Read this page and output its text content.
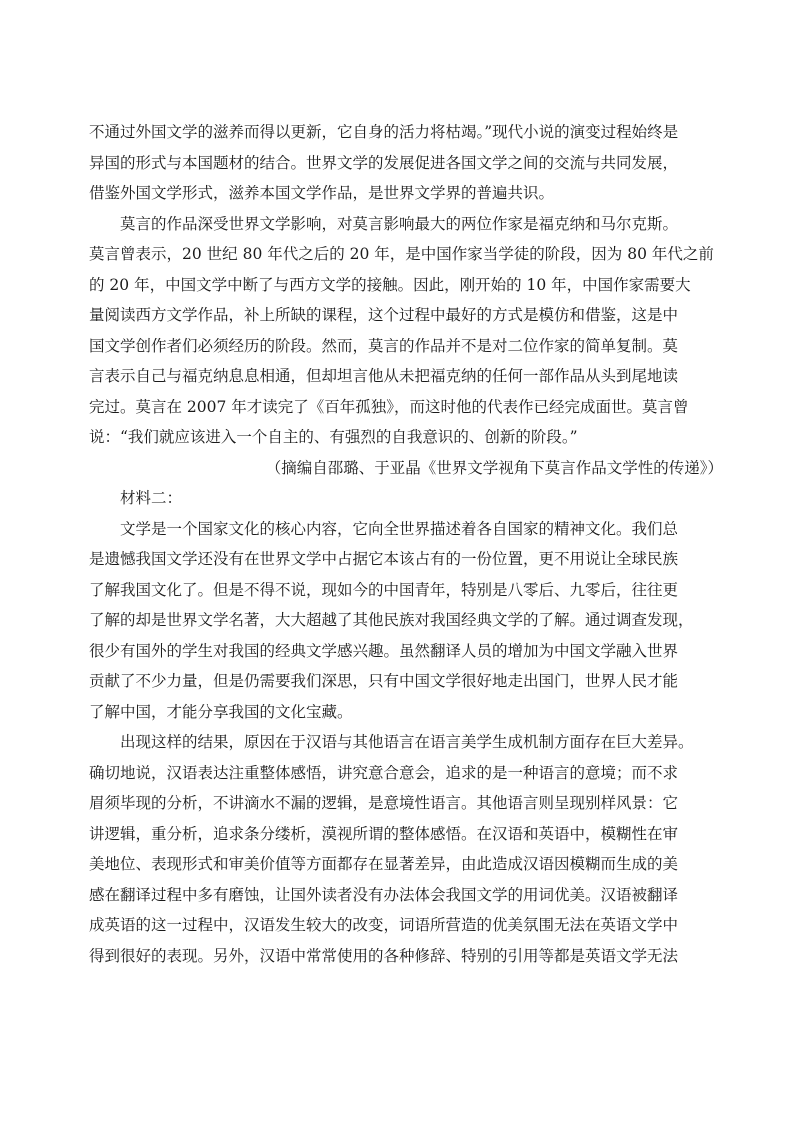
不通过外国文学的滋养而得以更新，它自身的活力将枯竭。”现代小说的演变过程始终是
异国的形式与本国题材的结合。世界文学的发展促进各国文学之间的交流与共同发展，
借鉴外国文学形式，滋养本国文学作品，是世界文学界的普遍共识。
莫言的作品深受世界文学影响，对莫言影响最大的两位作家是福克纳和马尔克斯。
莫言曾表示，20 世纪 80 年代之后的 20 年，是中国作家当学徒的阶段，因为 80 年代之前
的 20 年，中国文学中断了与西方文学的接触。因此，刚开始的 10 年，中国作家需要大
量阅读西方文学作品，补上所缺的课程，这个过程中最好的方式是模仿和借鉴，这是中
国文学创作者们必须经历的阶段。然而，莫言的作品并不是对二位作家的简单复制。莫
言表示自己与福克纳息息相通，但却坦言他从未把福克纳的任何一部作品从头到尾地读
完过。莫言在 2007 年才读完了《百年孤独》，而这时他的代表作已经完成面世。莫言曾
说：“我们就应该进入一个自主的、有强烈的自我意识的、创新的阶段。”
（摘编自邵璐、于亚晶《世界文学视角下莫言作品文学性的传递》）
材料二：
文学是一个国家文化的核心内容，它向全世界描述着各自国家的精神文化。我们总
是遗憾我国文学还没有在世界文学中占据它本该占有的一份位置，更不用说让全球民族
了解我国文化了。但是不得不说，现如今的中国青年，特别是八零后、九零后，往往更
了解的却是世界文学名著，大大超越了其他民族对我国经典文学的了解。通过调查发现，
很少有国外的学生对我国的经典文学感兴趣。虽然翻译人员的增加为中国文学融入世界
贡献了不少力量，但是仍需要我们深思，只有中国文学很好地走出国门，世界人民才能
了解中国，才能分享我国的文化宝藏。
出现这样的结果，原因在于汉语与其他语言在语言美学生成机制方面存在巨大差异。
确切地说，汉语表达注重整体感悟，讲究意合意会，追求的是一种语言的意境；而不求
眉须毕现的分析，不讲滴水不漏的逻辑，是意境性语言。其他语言则呈现别样风景：它
讲逻辑，重分析，追求条分缕析，漠视所谓的整体感悟。在汉语和英语中，模糊性在审
美地位、表现形式和审美价值等方面都存在显著差异，由此造成汉语因模糊而生成的美
感在翻译过程中多有磨蚀，让国外读者没有办法体会我国文学的用词优美。汉语被翻译
成英语的这一过程中，汉语发生较大的改变，词语所营造的优美氛围无法在英语文学中
得到很好的表现。另外，汉语中常常使用的各种修辞、特别的引用等都是英语文学无法
